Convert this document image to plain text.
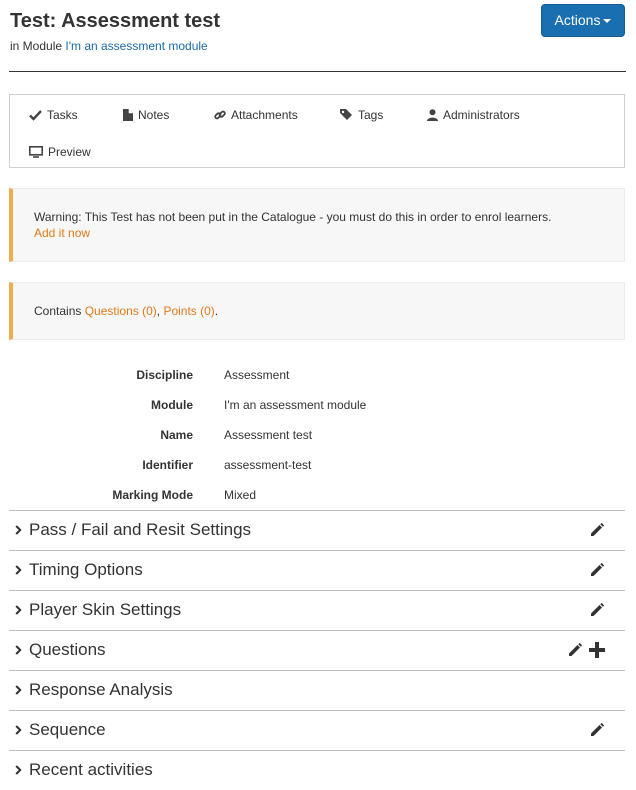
Test: Assessment test
in Module I'm an assessment module
Actions
Tasks	Notes	Attachments	Tags	Administrators
Preview
Warning: This Test has not been put in the Catalogue - you must do this in order to enrol learners.
Add it now
Contains Questions (0), Points (0).
Discipline	Assessment
Module	I'm an assessment module
Name	Assessment test
Identifier	assessment-test
Marking Mode	Mixed
Pass / Fail and Resit Settings
Timing Options
Player Skin Settings
Questions
Response Analysis
Sequence
Recent activities
